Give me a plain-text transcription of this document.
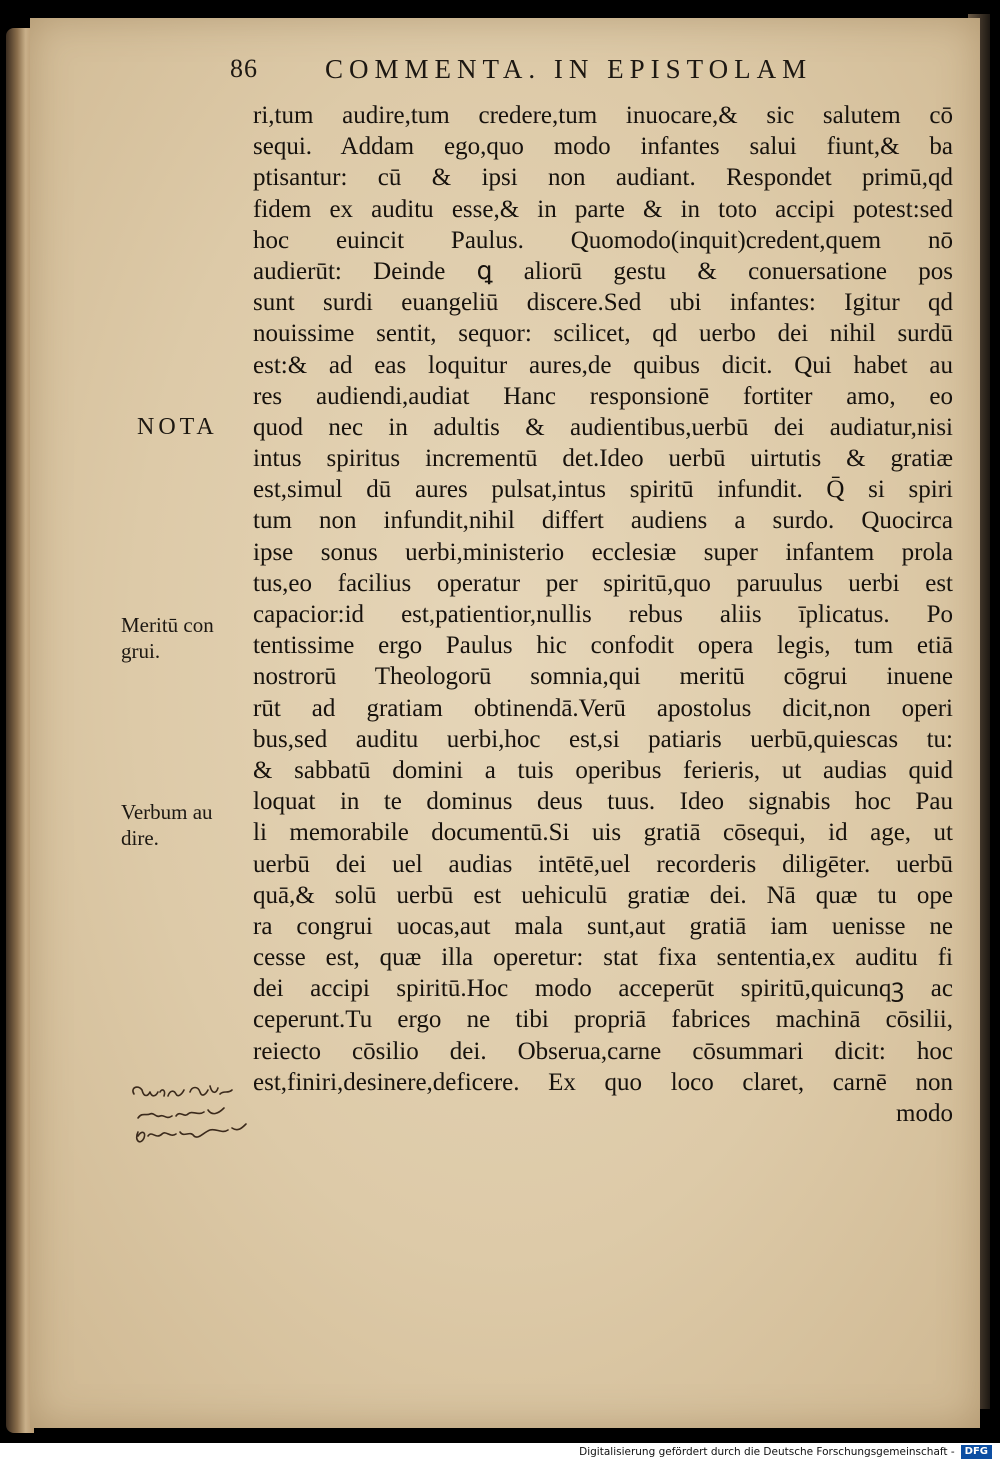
86 COMMENTA. IN EPISTOLAM
NOTA
Meritū con
grui.
Verbum au
dire.
ri,tum audire,tum credere,tum inuocare,& sic salutem cō
sequi. Addam ego,quo modo infantes salui fiunt,& ba
ptisantur: cū & ipsi non audiant. Respondet primū,qd
fidem ex auditu esse,& in parte & in toto accipi potest:sed
hoc euincit Paulus. Quomodo(inquit)credent,quem nō
audierūt: Deinde ꝗ aliorū gestu & conuersatione pos
sunt surdi euangeliū discere.Sed ubi infantes: Igitur qd
nouissime sentit, sequor: scilicet, qd uerbo dei nihil surdū
est:& ad eas loquitur aures,de quibus dicit. Qui habet au
res audiendi,audiat Hanc responsionē fortiter amo, eo
quod nec in adultis & audientibus,uerbū dei audiatur,nisi
intus spiritus incrementū det.Ideo uerbū uirtutis & gratiæ
est,simul dū aures pulsat,intus spiritū infundit. Q̄ si spiri
tum non infundit,nihil differt audiens a surdo. Quocirca
ipse sonus uerbi,ministerio ecclesiæ super infantem prola
tus,eo facilius operatur per spiritū,quo paruulus uerbi est
capacior:id est,patientior,nullis rebus aliis īplicatus. Po
tentissime ergo Paulus hic confodit opera legis, tum etiā
nostrorū Theologorū somnia,qui meritū cōgrui inuene
rūt ad gratiam obtinendā.Verū apostolus dicit,non operi
bus,sed auditu uerbi,hoc est,si patiaris uerbū,quiescas tu:
& sabbatū domini a tuis operibus ferieris, ut audias quid
loquat in te dominus deus tuus. Ideo signabis hoc Pau
li memorabile documentū.Si uis gratiā cōsequi, id age, ut
uerbū dei uel audias intētē,uel recorderis diligēter. uerbū
quā,& solū uerbū est uehiculū gratiæ dei. Nā quæ tu ope
ra congrui uocas,aut mala sunt,aut gratiā iam uenisse ne
cesse est, quæ illa operetur: stat fixa sententia,ex auditu fi
dei accipi spiritū.Hoc modo acceperūt spiritū,quicunqꝫ ac
ceperunt.Tu ergo ne tibi propriā fabrices machinā cōsilii,
reiecto cōsilio dei. Obserua,carne cōsummari dicit: hoc
est,finiri,desinere,deficere. Ex quo loco claret, carnē non
modo
Digitalisierung gefördert durch die Deutsche Forschungsgemeinschaft -	DFG
